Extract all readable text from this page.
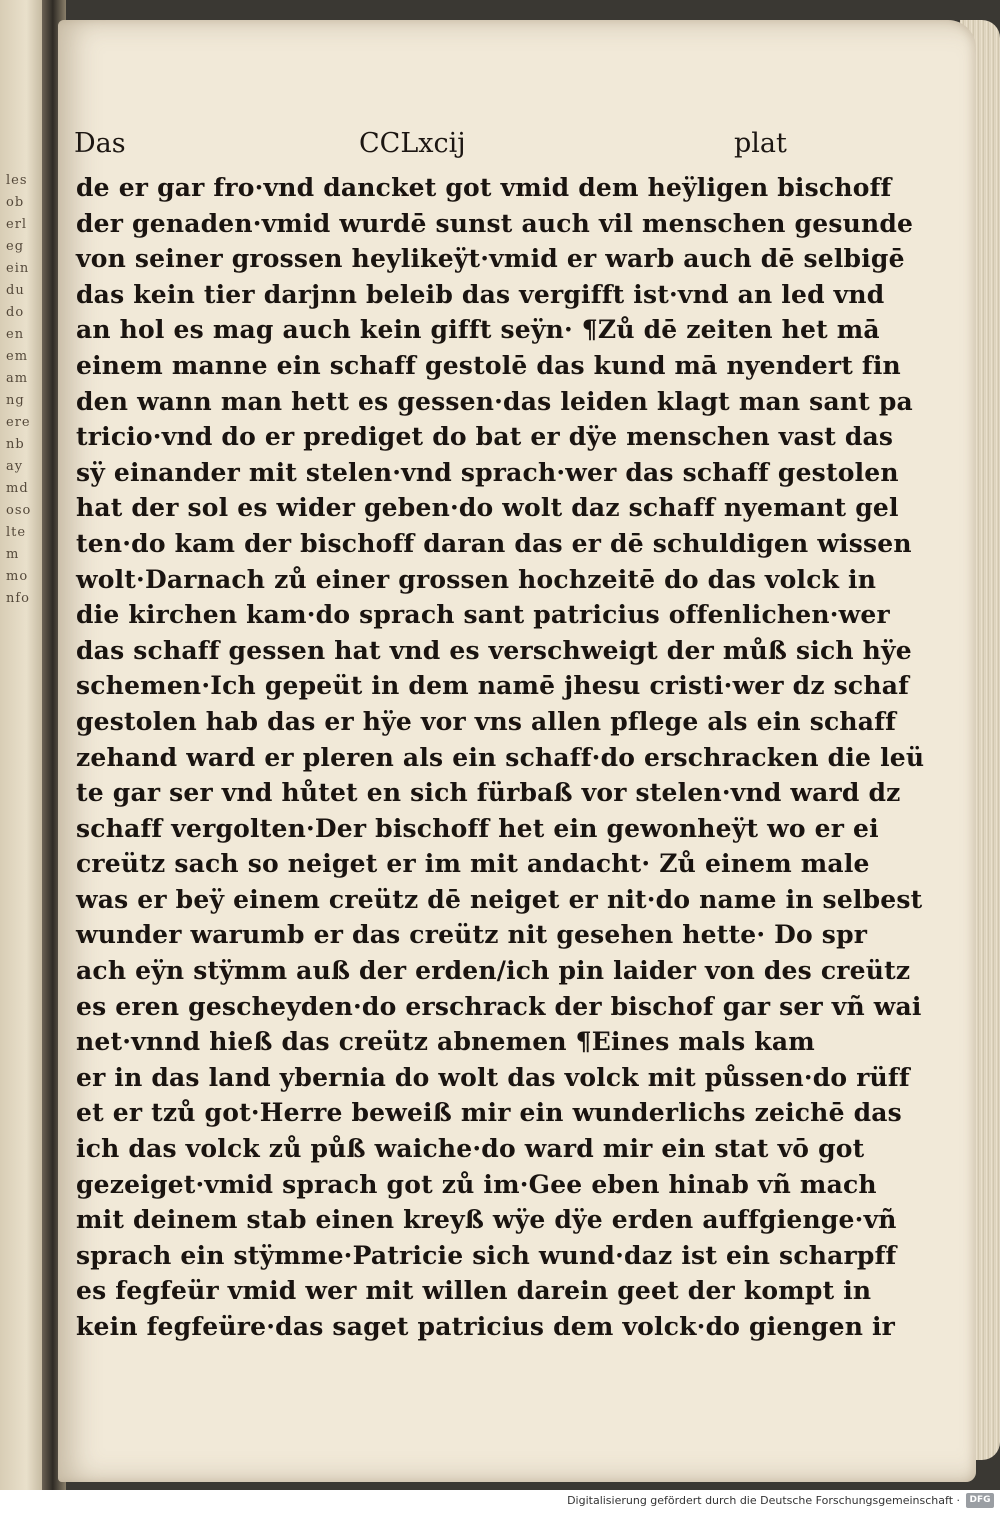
lesoberlegeindudoenemamngerenbaymdosoltemmonfo
Das	CCLxcij	plat
de er gar fro·vnd dancket got vmid dem heÿligen bischoff
der genaden·vmid wurdē sunst auch vil menschen gesunde
von seiner grossen heylikeÿt·vmid er warb auch dē selbigē
das kein tier darjnn beleib das vergifft ist·vnd an led vnd
an hol es mag auch kein gifft seÿn· ¶Zů dē zeiten het mā
einem manne ein schaff gestolē das kund mā nyendert fin
den wann man hett es gessen·das leiden klagt man sant pa
tricio·vnd do er prediget do bat er dÿe menschen vast das
sÿ einander mit stelen·vnd sprach·wer das schaff gestolen
hat der sol es wider geben·do wolt daz schaff nyemant gel
ten·do kam der bischoff daran das er dē schuldigen wissen
wolt·Darnach zů einer grossen hochzeitē do das volck in
die kirchen kam·do sprach sant patricius offenlichen·wer
das schaff gessen hat vnd es verschweigt der můß sich hÿe
schemen·Ich gepeüt in dem namē jhesu cristi·wer dz schaf
gestolen hab das er hÿe vor vns allen pflege als ein schaff
zehand ward er pleren als ein schaff·do erschracken die leü
te gar ser vnd hůtet en sich fürbaß vor stelen·vnd ward dz
schaff vergolten·Der bischoff het ein gewonheÿt wo er ei
creütz sach so neiget er im mit andacht· Zů einem male
was er beÿ einem creütz dē neiget er nit·do name in selbest
wunder warumb er das creütz nit gesehen hette· Do spr
ach eÿn stÿmm auß der erden/ich pin laider von des creütz
es eren gescheyden·do erschrack der bischof gar ser vñ wai
net·vnnd hieß das creütz abnemen ¶Eines mals kam
er in das land ybernia do wolt das volck mit půssen·do rüff
et er tzů got·Herre beweiß mir ein wunderlichs zeichē das
ich das volck zů půß waiche·do ward mir ein stat vō got
gezeiget·vmid sprach got zů im·Gee eben hinab vñ mach
mit deinem stab einen kreyß wÿe dÿe erden auffgienge·vñ
sprach ein stÿmme·Patricie sich wund·daz ist ein scharpff
es fegfeür vmid wer mit willen darein geet der kompt in
kein fegfeüre·das saget patricius dem volck·do giengen ir
Digitalisierung gefördert durch die Deutsche Forschungsgemeinschaft ·	DFG
